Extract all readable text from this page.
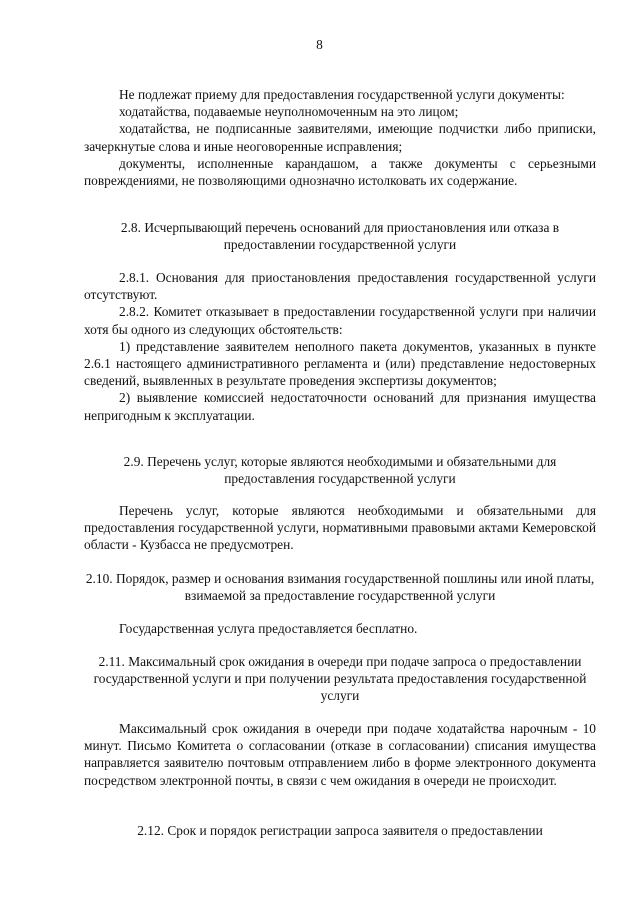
8

Не подлежат приему для предоставления государственной услуги документы:

ходатайства, подаваемые неуполномоченным на это лицом;

ходатайства, не подписанные заявителями, имеющие подчистки либо приписки, зачеркнутые слова и иные неоговоренные исправления;

документы, исполненные карандашом, а также документы с серьезными повреждениями, не позволяющими однозначно истолковать их содержание.

2.8. Исчерпывающий перечень оснований для приостановления или отказа в предоставлении государственной услуги

2.8.1. Основания для приостановления предоставления государственной услуги отсутствуют.

2.8.2. Комитет отказывает в предоставлении государственной услуги при наличии хотя бы одного из следующих обстоятельств:

1) представление заявителем неполного пакета документов, указанных в пункте 2.6.1 настоящего административного регламента и (или) представление недостоверных сведений, выявленных в результате проведения экспертизы документов;

2) выявление комиссией недостаточности оснований для признания имущества непригодным к эксплуатации.

2.9. Перечень услуг, которые являются необходимыми и обязательными для предоставления государственной услуги

Перечень услуг, которые являются необходимыми и обязательными для предоставления государственной услуги, нормативными правовыми актами Кемеровской области - Кузбасса не предусмотрен.

2.10. Порядок, размер и основания взимания государственной пошлины или иной платы, взимаемой за предоставление государственной услуги

Государственная услуга предоставляется бесплатно.

2.11. Максимальный срок ожидания в очереди при подаче запроса о предоставлении государственной услуги и при получении результата предоставления государственной услуги

Максимальный срок ожидания в очереди при подаче ходатайства нарочным - 10 минут. Письмо Комитета о согласовании (отказе в согласовании) списания имущества направляется заявителю почтовым отправлением либо в форме электронного документа посредством электронной почты, в связи с чем ожидания в очереди не происходит.

2.12. Срок и порядок регистрации запроса заявителя о предоставлении
